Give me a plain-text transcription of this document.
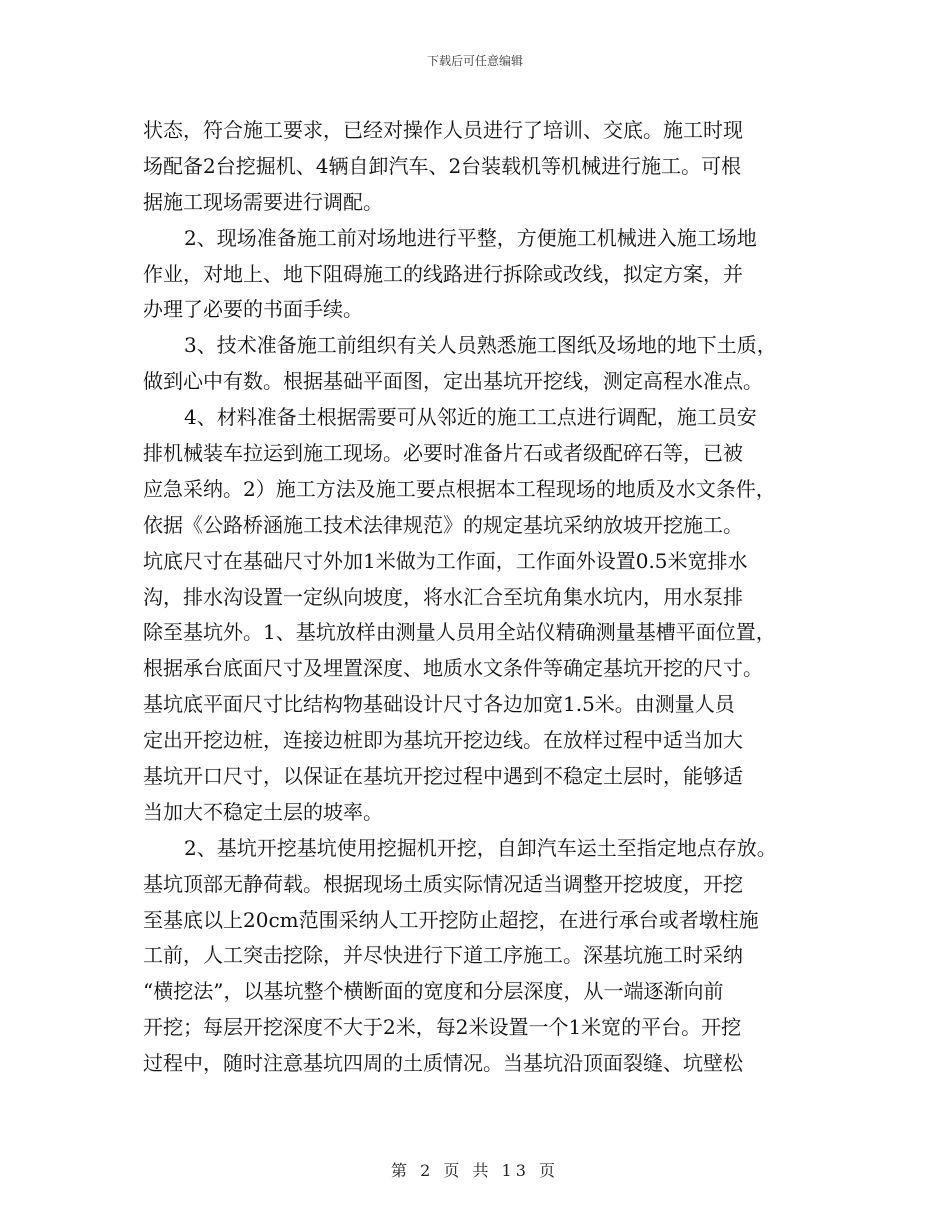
下载后可任意编辑
状态，符合施工要求，已经对操作人员进行了培训、交底。施工时现
场配备2台挖掘机、4辆自卸汽车、2台装载机等机械进行施工。可根
据施工现场需要进行调配。
2、现场准备施工前对场地进行平整，方便施工机械进入施工场地
作业，对地上、地下阻碍施工的线路进行拆除或改线，拟定方案，并
办理了必要的书面手续。
3、技术准备施工前组织有关人员熟悉施工图纸及场地的地下土质，
做到心中有数。根据基础平面图，定出基坑开挖线，测定高程水准点。
4、材料准备土根据需要可从邻近的施工工点进行调配，施工员安
排机械装车拉运到施工现场。必要时准备片石或者级配碎石等，已被
应急采纳。2）施工方法及施工要点根据本工程现场的地质及水文条件，
依据《公路桥涵施工技术法律规范》的规定基坑采纳放坡开挖施工。
坑底尺寸在基础尺寸外加1米做为工作面，工作面外设置0.5米宽排水
沟，排水沟设置一定纵向坡度，将水汇合至坑角集水坑内，用水泵排
除至基坑外。1、基坑放样由测量人员用全站仪精确测量基槽平面位置，
根据承台底面尺寸及埋置深度、地质水文条件等确定基坑开挖的尺寸。
基坑底平面尺寸比结构物基础设计尺寸各边加宽1.5米。由测量人员
定出开挖边桩，连接边桩即为基坑开挖边线。在放样过程中适当加大
基坑开口尺寸，以保证在基坑开挖过程中遇到不稳定土层时，能够适
当加大不稳定土层的坡率。
2、基坑开挖基坑使用挖掘机开挖，自卸汽车运土至指定地点存放。
基坑顶部无静荷载。根据现场土质实际情况适当调整开挖坡度，开挖
至基底以上20cm范围采纳人工开挖防止超挖，在进行承台或者墩柱施
工前，人工突击挖除，并尽快进行下道工序施工。深基坑施工时采纳
“横挖法”，以基坑整个横断面的宽度和分层深度，从一端逐渐向前
开挖；每层开挖深度不大于2米，每2米设置一个1米宽的平台。开挖
过程中，随时注意基坑四周的土质情况。当基坑沿顶面裂缝、坑壁松
第 2 页 共 13 页
